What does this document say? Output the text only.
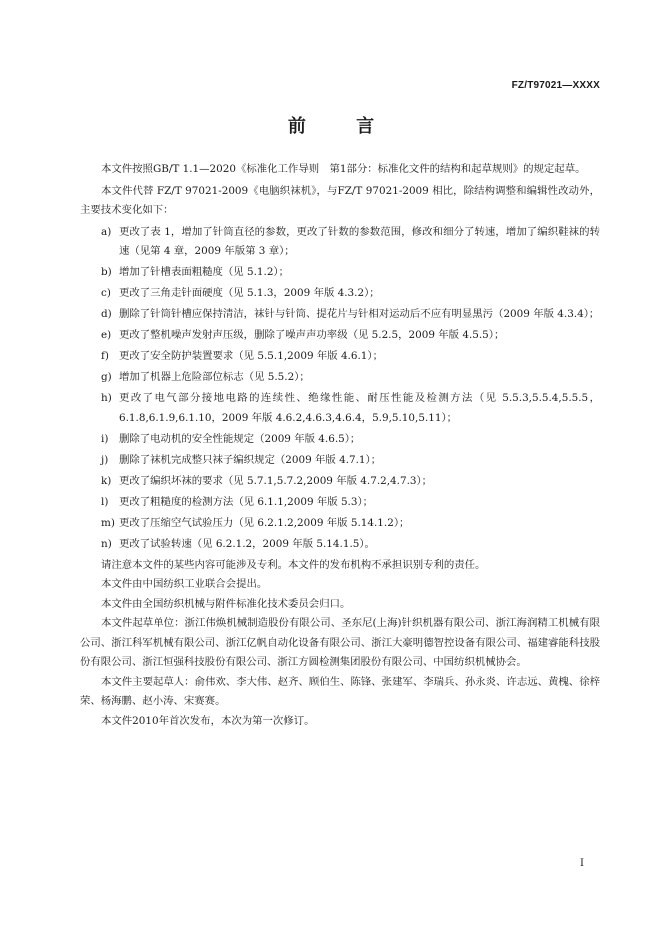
FZ/T97021—XXXX
前 言

本文件按照GB/T 1.1—2020《标准化工作导则　第1部分：标准化文件的结构和起草规则》的规定起草。

本文件代替 FZ/T 97021-2009《电脑织袜机》，与FZ/T 97021-2009 相比，除结构调整和编辑性改动外，主要技术变化如下：

a) 更改了表 1，增加了针筒直径的参数，更改了针数的参数范围，修改和细分了转速，增加了编织鞋袜的转速（见第 4 章，2009 年版第 3 章）；
b) 增加了针槽表面粗糙度（见 5.1.2）；
c) 更改了三角走针面硬度（见 5.1.3，2009 年版 4.3.2）；
d) 删除了针筒针槽应保持清洁，袜针与针筒、提花片与针相对运动后不应有明显黑污（2009 年版 4.3.4）；
e) 更改了整机噪声发射声压级，删除了噪声声功率级（见 5.2.5，2009 年版 4.5.5）；
f) 更改了安全防护装置要求（见 5.5.1,2009 年版 4.6.1）；
g) 增加了机器上危险部位标志（见 5.5.2）；
h) 更改了电气部分接地电路的连续性、绝缘性能、耐压性能及检测方法（见 5.5.3,5.5.4,5.5.5，6.1.8,6.1.9,6.1.10，2009 年版 4.6.2,4.6.3,4.6.4，5.9,5.10,5.11）；
i)	删除了电动机的安全性能规定（2009 年版 4.6.5）；
j)	删除了袜机完成整只袜子编织规定（2009 年版 4.7.1）；
k) 更改了编织坏袜的要求（见 5.7.1,5.7.2,2009 年版 4.7.2,4.7.3）；
l)	更改了粗糙度的检测方法（见 6.1.1,2009 年版 5.3）；
m) 更改了压缩空气试验压力（见 6.2.1.2,2009 年版 5.14.1.2）；
n) 更改了试验转速（见 6.2.1.2，2009 年版 5.14.1.5）。

请注意本文件的某些内容可能涉及专利。本文件的发布机构不承担识别专利的责任。

本文件由中国纺织工业联合会提出。

本文件由全国纺织机械与附件标准化技术委员会归口。

本文件起草单位：浙江伟焕机械制造股份有限公司、圣东尼(上海)针织机器有限公司、浙江海润精工机械有限公司、浙江科军机械有限公司、浙江亿帆自动化设备有限公司、浙江大豪明德智控设备有限公司、福建睿能科技股份有限公司、浙江恒强科技股份有限公司、浙江方圆检测集团股份有限公司、中国纺织机械协会。

本文件主要起草人：俞伟欢、李大伟、赵齐、顾伯生、陈锋、张建军、李瑞兵、孙永炎、许志远、黄槐、徐梓荣、杨海鹏、赵小涛、宋赛赛。

本文件2010年首次发布，本次为第一次修订。

I
